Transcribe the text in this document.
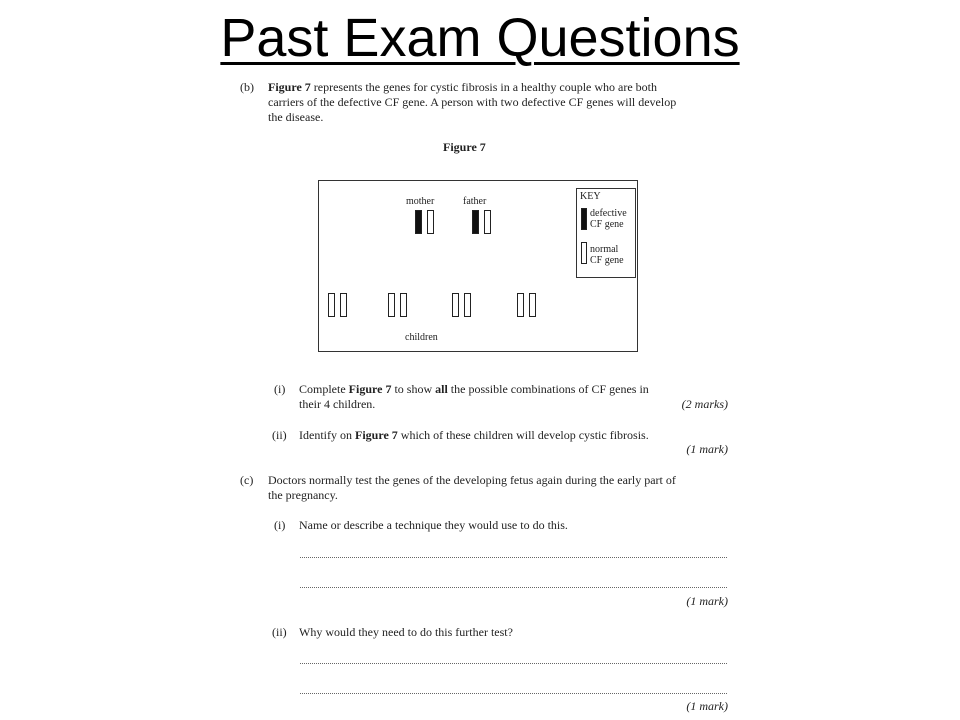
Past Exam Questions
(b) Figure 7 represents the genes for cystic fibrosis in a healthy couple who are both
carriers of the defective CF gene. A person with two defective CF genes will develop
the disease.
Figure 7
mother	father
children
KEY
defective
CF gene
normal
CF gene
(i) Complete Figure 7 to show all the possible combinations of CF genes in
their 4 children.	(2 marks)
(ii) Identify on Figure 7 which of these children will develop cystic fibrosis.
(1 mark)
(c) Doctors normally test the genes of the developing fetus again during the early part of
the pregnancy.
(i) Name or describe a technique they would use to do this.
(1 mark)
(ii) Why would they need to do this further test?
(1 mark)
